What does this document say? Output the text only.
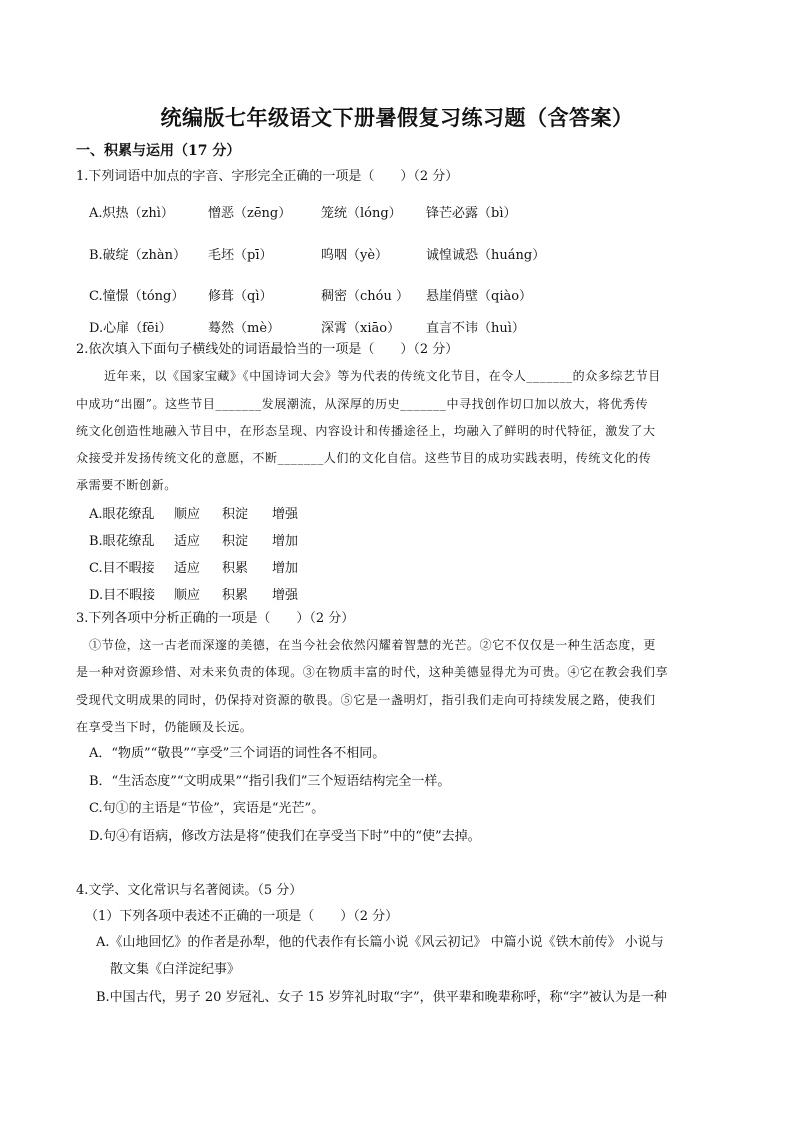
统编版七年级语文下册暑假复习练习题（含答案）
一、积累与运用（17 分）
1.下列词语中加点的字音、字形完全正确的一项是（　　）（2 分）
A.炽热（zhì）	憎恶（zēng） 笼统（lóng） 锋芒必露（bì）
B.破绽（zhàn） 毛坯（pī）	呜咽（yè）	诚惶诚恐（huáng）
C.憧憬（tóng） 修葺（qì）	稠密（chóu ） 悬崖俏壁（qiào）
D.心扉（fēi）	蓦然（mè）	深霄（xiāo） 直言不讳（huì）
2.依次填入下面句子横线处的词语最恰当的一项是（　　）（2 分）
近年来，以《国家宝藏》《中国诗词大会》等为代表的传统文化节目，在令人_______的众多综艺节目
中成功“出圈”。这些节目_______发展潮流，从深厚的历史_______中寻找创作切口加以放大，将优秀传
统文化创造性地融入节目中，在形态呈现、内容设计和传播途径上，均融入了鲜明的时代特征，激发了大
众接受并发扬传统文化的意愿，不断_______人们的文化自信。这些节目的成功实践表明，传统文化的传
承需要不断创新。
A.眼花缭乱 顺应 积淀 增强
B.眼花缭乱 适应 积淀 增加
C.目不暇接 适应 积累 增加
D.目不暇接 顺应 积累 增强
3.下列各项中分析正确的一项是（　　）（2 分）
①节俭，这一古老而深邃的美德，在当今社会依然闪耀着智慧的光芒。②它不仅仅是一种生活态度，更
是一种对资源珍惜、对未来负责的体现。③在物质丰富的时代，这种美德显得尤为可贵。④它在教会我们享
受现代文明成果的同时，仍保持对资源的敬畏。⑤它是一盏明灯，指引我们走向可持续发展之路，使我们
在享受当下时，仍能顾及长远。
A．“物质”“敬畏”“享受”三个词语的词性各不相同。
B．“生活态度”“文明成果”“指引我们”三个短语结构完全一样。
C.句①的主语是“节俭”，宾语是“光芒”。
D.句④有语病，修改方法是将“使我们在享受当下时”中的“使”去掉。
4.文学、文化常识与名著阅读。（5 分）
（1）下列各项中表述不正确的一项是（　　）（2 分）
A.《山地回忆》的作者是孙犁，他的代表作有长篇小说《风云初记》 中篇小说《铁木前传》 小说与
散文集《白洋淀纪事》
B.中国古代，男子 20 岁冠礼、女子 15 岁笄礼时取“字”，供平辈和晚辈称呼，称“字”被认为是一种
